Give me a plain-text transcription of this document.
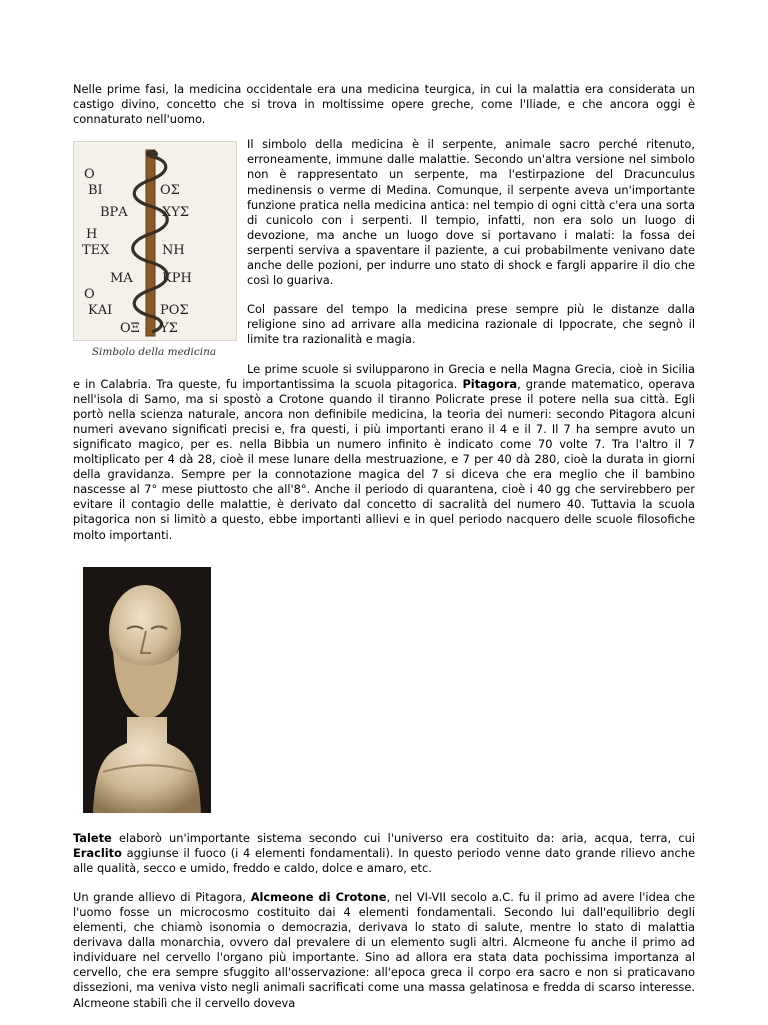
Nelle prime fasi, la medicina occidentale era una medicina teurgica, in cui la malattia era considerata un castigo divino, concetto che si trova in moltissime opere greche, come l'Iliade, e che ancora oggi è connaturato nell'uomo.

Ο
ΒΙ	ΟΣ
ΒΡΑ	ΧΥΣ
Η
ΤΕΧ	ΝΗ
ΜΑ ΚΡΗ
Ο
ΚΑΙ	ΡΟΣ
ΟΞ ΥΣ
Simbolo della medicina

Il simbolo della medicina è il serpente, animale sacro perché ritenuto, erroneamente, immune dalle malattie. Secondo un'altra versione nel simbolo non è rappresentato un serpente, ma l'estirpazione del Dracunculus medinensis o verme di Medina. Comunque, il serpente aveva un'importante funzione pratica nella medicina antica: nel tempio di ogni città c'era una sorta di cunicolo con i serpenti. Il tempio, infatti, non era solo un luogo di devozione, ma anche un luogo dove si portavano i malati: la fossa dei serpenti serviva a spaventare il paziente, a cui probabilmente venivano date anche delle pozioni, per indurre uno stato di shock e fargli apparire il dio che così lo guariva.

Col passare del tempo la medicina prese sempre più le distanze dalla religione sino ad arrivare alla medicina razionale di Ippocrate, che segnò il limite tra razionalità e magia.

Le prime scuole si svilupparono in Grecia e nella Magna Grecia, cioè in Sicilia e in Calabria. Tra queste, fu importantissima la scuola pitagorica. Pitagora, grande matematico, operava nell'isola di Samo, ma si spostò a Crotone quando il tiranno Policrate prese il potere nella sua città. Egli portò nella scienza naturale, ancora non definibile medicina, la teoria dei numeri: secondo Pitagora alcuni numeri avevano significati precisi e, fra questi, i più importanti erano il 4 e il 7. Il 7 ha sempre avuto un significato magico, per es. nella Bibbia un numero infinito è indicato come 70 volte 7. Tra l'altro il 7 moltiplicato per 4 dà 28, cioè il mese lunare della mestruazione, e 7 per 40 dà 280, cioè la durata in giorni della gravidanza. Sempre per la connotazione magica del 7 si diceva che era meglio che il bambino nascesse al 7° mese piuttosto che all'8°. Anche il periodo di quarantena, cioè i 40 gg che servirebbero per evitare il contagio delle malattie, è derivato dal concetto di sacralità del numero 40. Tuttavia la scuola pitagorica non si limitò a questo, ebbe importanti allievi e in quel periodo nacquero delle scuole filosofiche molto importanti.

Talete elaborò un'importante sistema secondo cui l'universo era costituito da: aria, acqua, terra, cui Eraclito aggiunse il fuoco (i 4 elementi fondamentali). In questo periodo venne dato grande rilievo anche alle qualità, secco e umido, freddo e caldo, dolce e amaro, etc.

Un grande allievo di Pitagora, Alcmeone di Crotone, nel VI-VII secolo a.C. fu il primo ad avere l'idea che l'uomo fosse un microcosmo costituito dai 4 elementi fondamentali. Secondo lui dall'equilibrio degli elementi, che chiamò isonomia o democrazia, derivava lo stato di salute, mentre lo stato di malattia derivava dalla monarchia, ovvero dal prevalere di un elemento sugli altri. Alcmeone fu anche il primo ad individuare nel cervello l'organo più importante. Sino ad allora era stata data pochissima importanza al cervello, che era sempre sfuggito all'osservazione: all'epoca greca il corpo era sacro e non si praticavano dissezioni, ma veniva visto negli animali sacrificati come una massa gelatinosa e fredda di scarso interesse. Alcmeone stabilì che il cervello doveva
